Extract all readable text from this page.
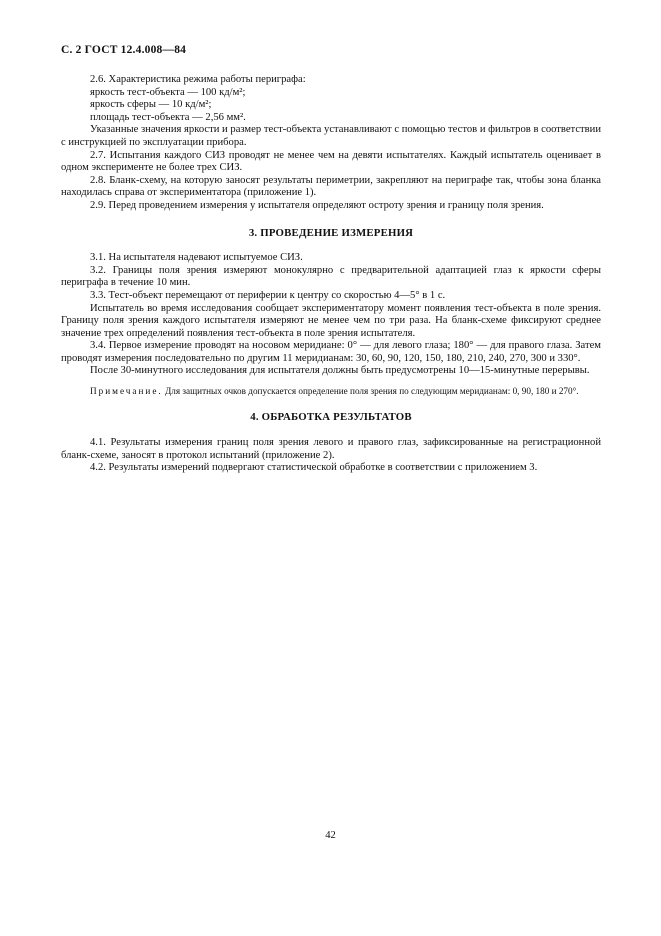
С. 2 ГОСТ 12.4.008—84

2.6. Характеристика режима работы периграфа:

яркость тест-объекта — 100 кд/м²;
яркость сферы — 10 кд/м²;
площадь тест-объекта — 2,56 мм².

Указанные значения яркости и размер тест-объекта устанавливают с помощью тестов и фильтров в соответствии с инструкцией по эксплуатации прибора.

2.7. Испытания каждого СИЗ проводят не менее чем на девяти испытателях. Каждый испытатель оценивает в одном эксперименте не более трех СИЗ.

2.8. Бланк-схему, на которую заносят результаты периметрии, закрепляют на периграфе так, чтобы зона бланка находилась справа от экспериментатора (приложение 1).

2.9. Перед проведением измерения у испытателя определяют остроту зрения и границу поля зрения.

3. ПРОВЕДЕНИЕ ИЗМЕРЕНИЯ

3.1. На испытателя надевают испытуемое СИЗ.

3.2. Границы поля зрения измеряют монокулярно с предварительной адаптацией глаз к яркости сферы периграфа в течение 10 мин.

3.3. Тест-объект перемещают от периферии к центру со скоростью 4—5° в 1 с.

Испытатель во время исследования сообщает экспериментатору момент появления тест-объекта в поле зрения. Границу поля зрения каждого испытателя измеряют не менее чем по три раза. На бланк-схеме фиксируют среднее значение трех определений появления тест-объекта в поле зрения испытателя.

3.4. Первое измерение проводят на носовом меридиане: 0° — для левого глаза; 180° — для правого глаза. Затем проводят измерения последовательно по другим 11 меридианам: 30, 60, 90, 120, 150, 180, 210, 240, 270, 300 и 330°.

После 30-минутного исследования для испытателя должны быть предусмотрены 10—15-минутные перерывы.

Примечание. Для защитных очков допускается определение поля зрения по следующим меридианам: 0, 90, 180 и 270°.

4. ОБРАБОТКА РЕЗУЛЬТАТОВ

4.1. Результаты измерения границ поля зрения левого и правого глаз, зафиксированные на регистрационной бланк-схеме, заносят в протокол испытаний (приложение 2).

4.2. Результаты измерений подвергают статистической обработке в соответствии с приложением 3.

42
